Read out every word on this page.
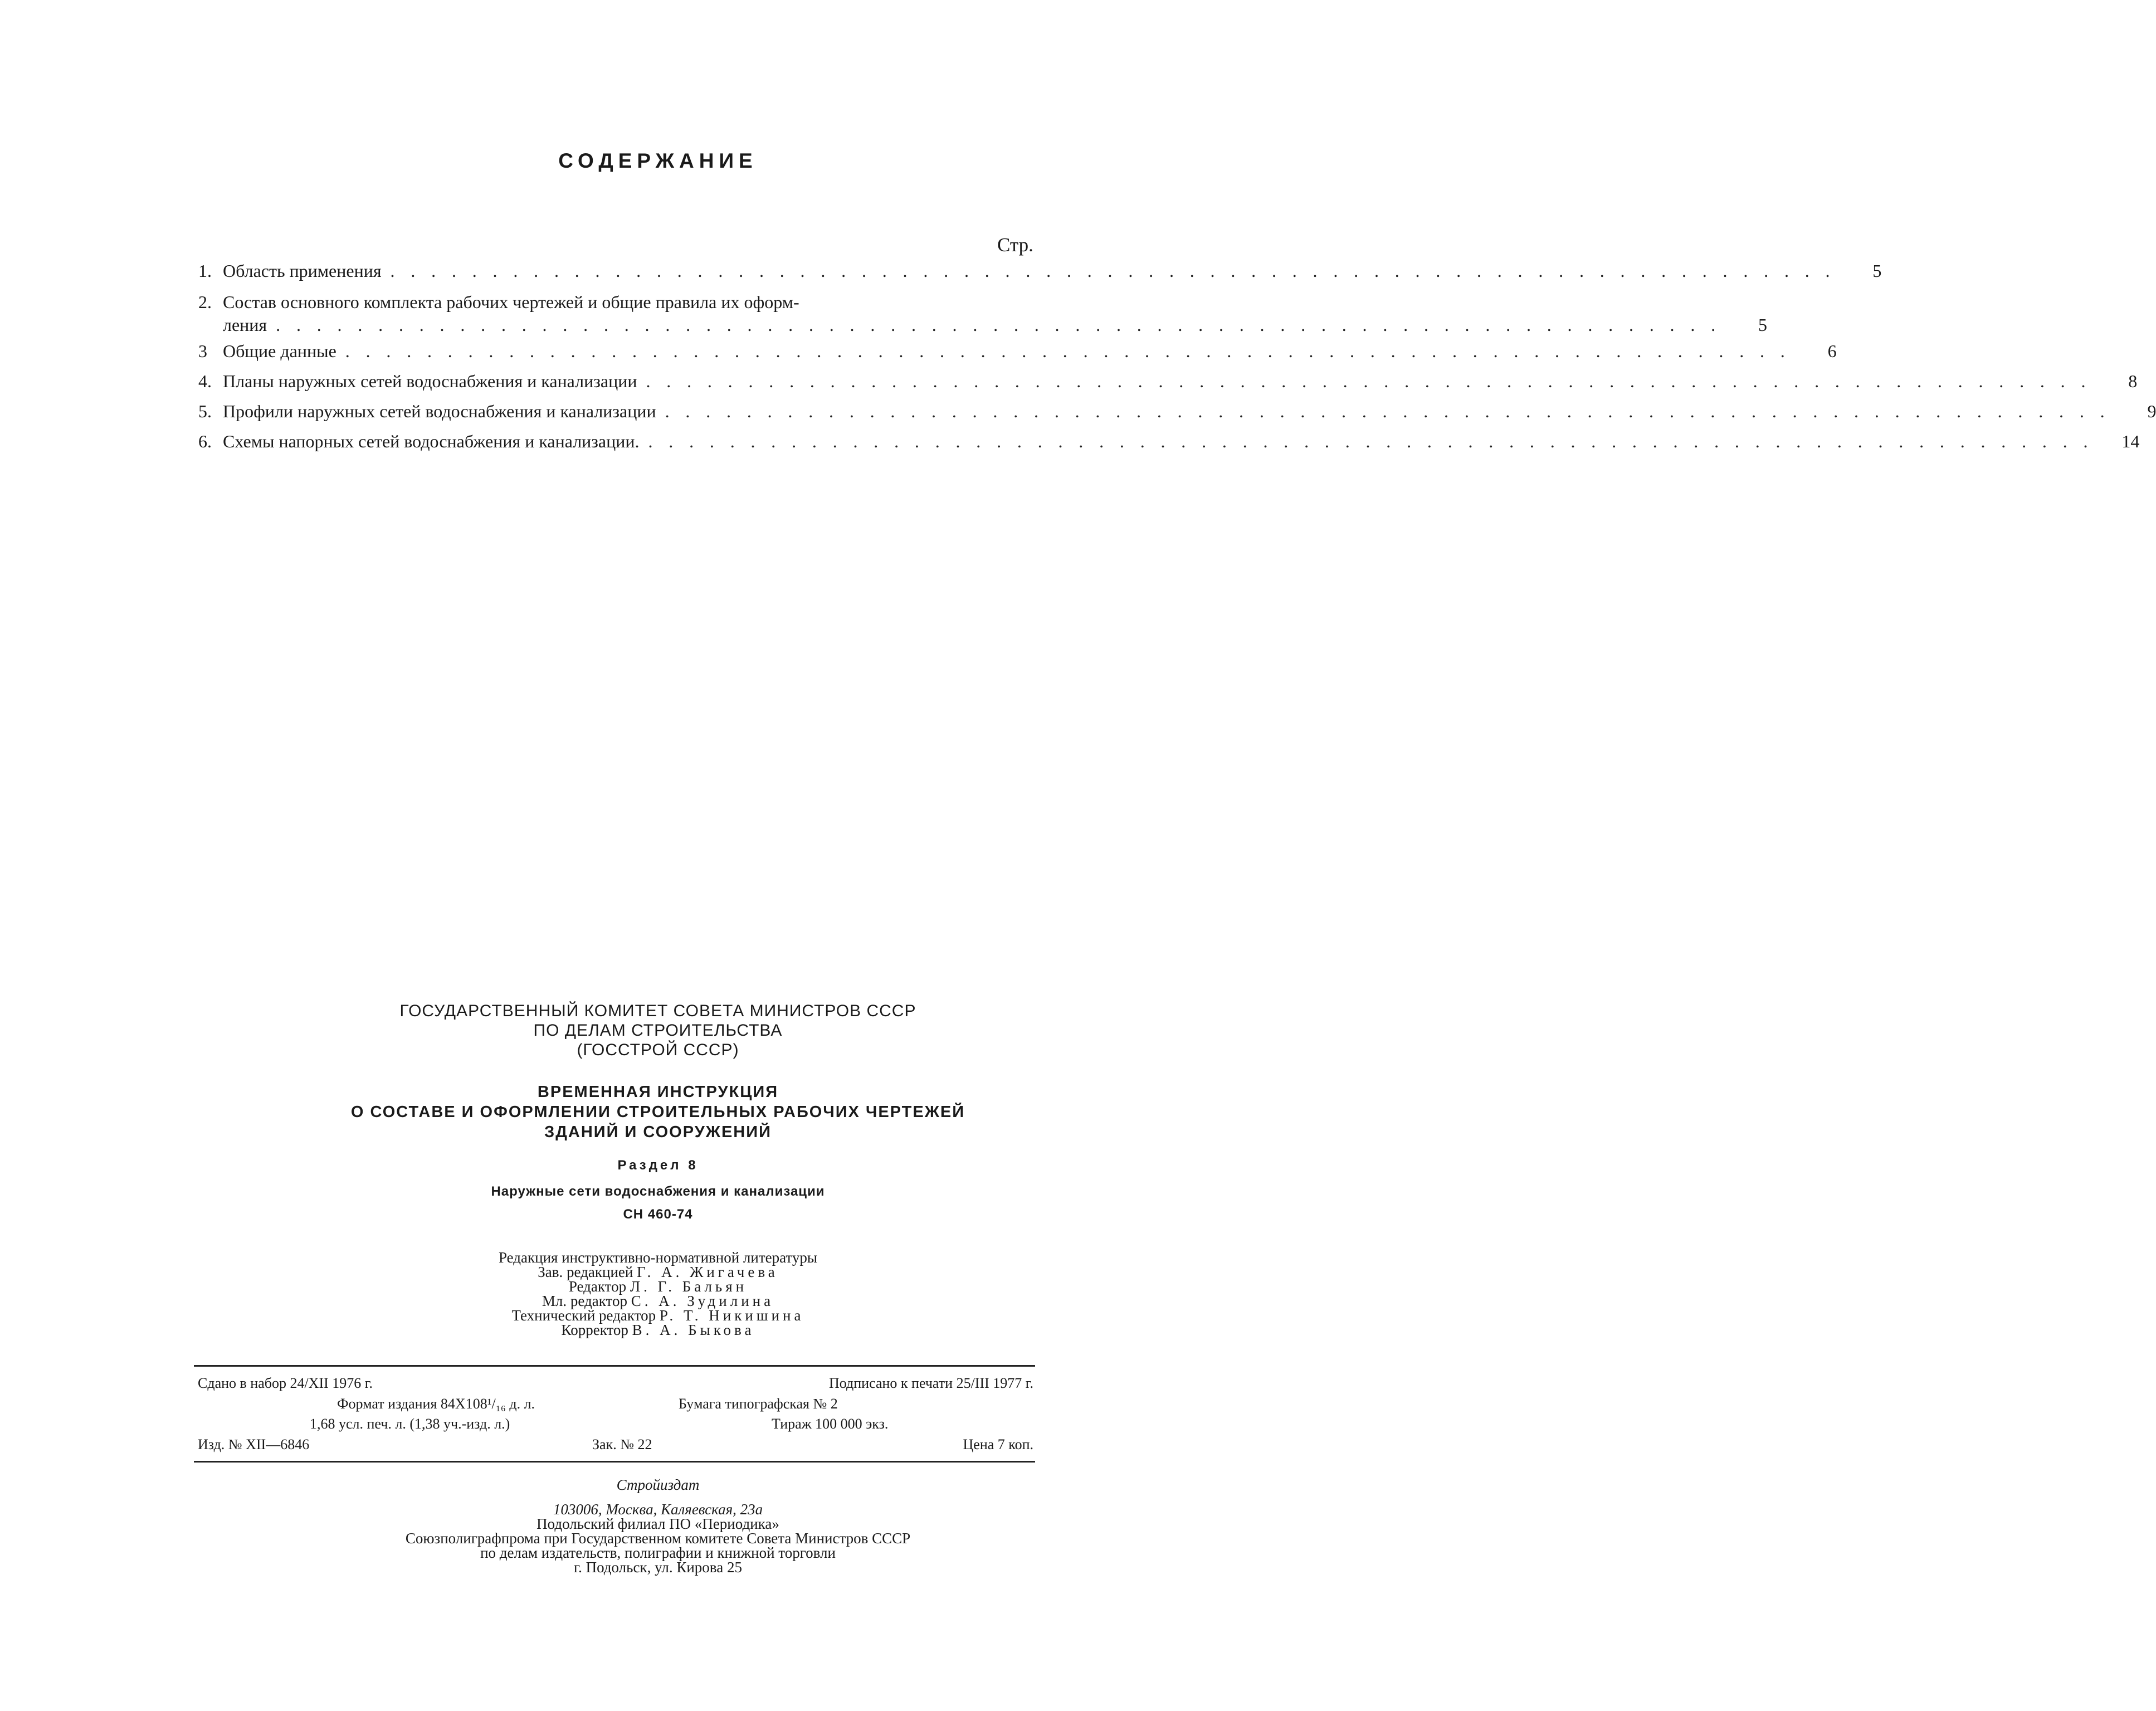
СОДЕРЖАНИЕ
Стр.
1. Область применения .......................................................................	5
2. Состав основного комплекта рабочих чертежей и общие правила их оформ-
ления .......................................................................	5
3 Общие данные .......................................................................	6
4. Планы наружных сетей водоснабжения и канализации .......................................................................	8
5. Профили наружных сетей водоснабжения и канализации .......................................................................	9
6. Схемы напорных сетей водоснабжения и канализации. .......................................................................	14
ГОСУДАРСТВЕННЫЙ КОМИТЕТ СОВЕТА МИНИСТРОВ СССР
ПО ДЕЛАМ СТРОИТЕЛЬСТВА
(ГОССТРОЙ СССР)
ВРЕМЕННАЯ ИНСТРУКЦИЯ
О СОСТАВЕ И ОФОРМЛЕНИИ СТРОИТЕЛЬНЫХ РАБОЧИХ ЧЕРТЕЖЕЙ
ЗДАНИЙ И СООРУЖЕНИЙ
Раздел 8
Наружные сети водоснабжения и канализации
СН 460-74
Редакция инструктивно-нормативной литературы
Зав. редакцией Г. А. Жигачева
Редактор Л. Г. Бальян
Мл. редактор С. А. Зудилина
Технический редактор Р. Т. Никишина
Корректор В. А. Быкова
Сдано в набор 24/XII 1976 г.	Подписано к печати 25/III 1977 г.
Формат издания 84Х108¹/₁₆ д. л.	Бумага типографская № 2
1,68 усл. печ. л. (1,38 уч.-изд. л.)	Тираж 100 000 экз.
Изд. № XII—6846	Зак. № 22	Цена 7 коп.
Стройиздат
103006, Москва, Каляевская, 23а
Подольский филиал ПО «Периодика»
Союзполиграфпрома при Государственном комитете Совета Министров СССР
по делам издательств, полиграфии и книжной торговли
г. Подольск, ул. Кирова 25
